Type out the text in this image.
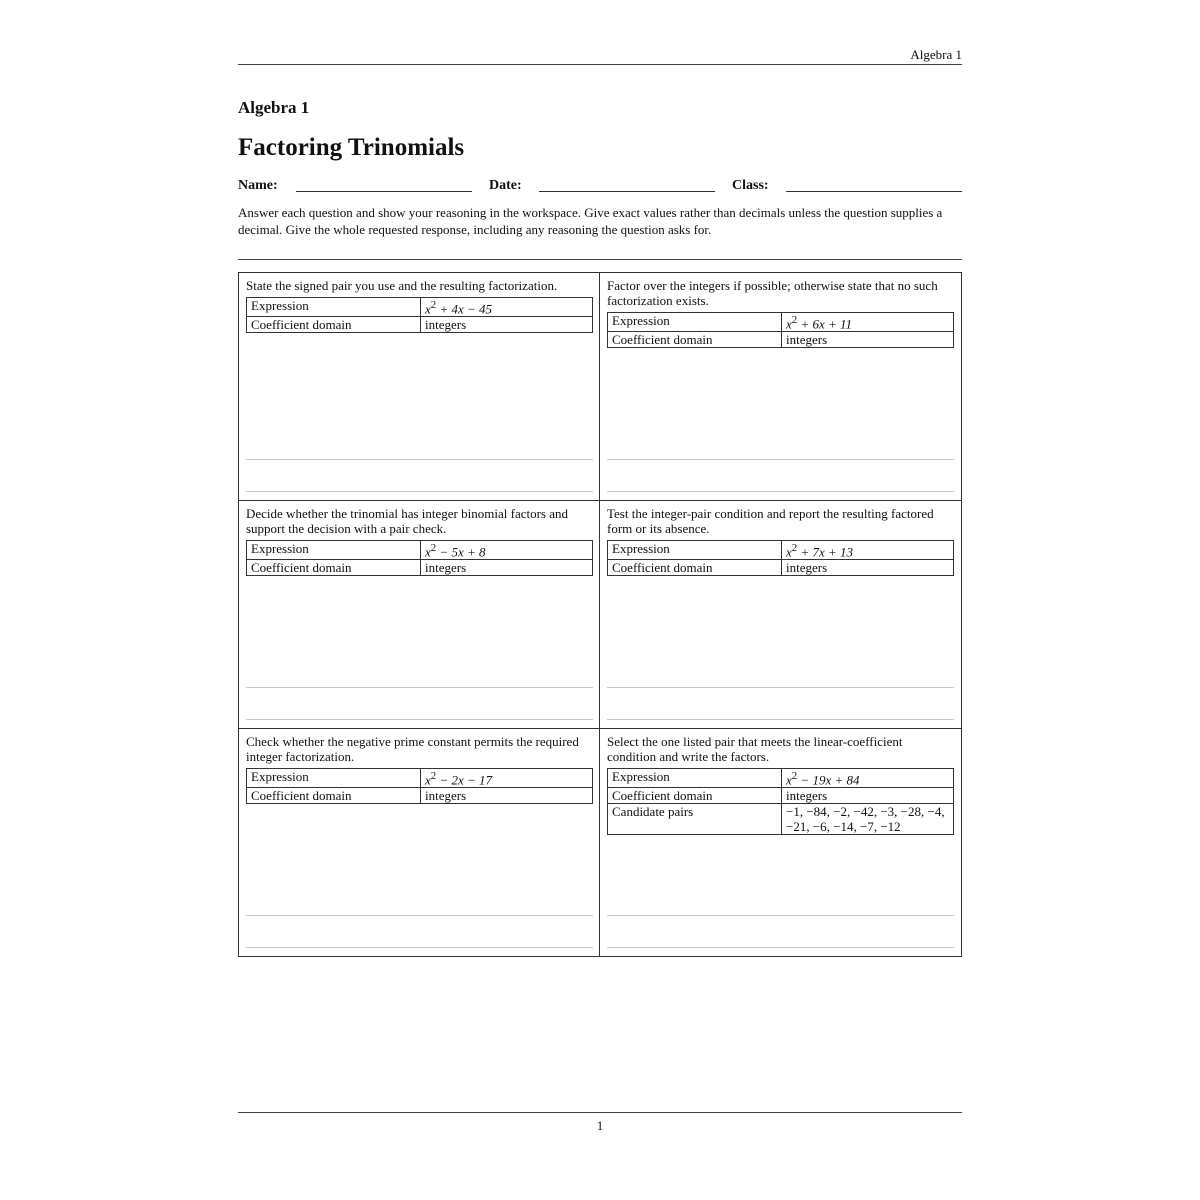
Algebra 1
Algebra 1
Factoring Trinomials
Name:	Date:	Class:
Answer each question and show your reasoning in the workspace. Give exact values rather than decimals unless the question supplies a decimal. Give the whole requested response, including any reasoning the question asks for.

State the signed pair you use and the resulting factorization.

Expression	$x^2 + 4x - 45$
Coefficient domain	integers

Factor over the integers if possible; otherwise state that no such factorization exists.

Expression	$x^2 + 6x + 11$
Coefficient domain	integers

Decide whether the trinomial has integer binomial factors and support the decision with a pair check.

Expression	$x^2 - 5x + 8$
Coefficient domain	integers

Test the integer-pair condition and report the resulting factored form or its absence.

Expression	$x^2 + 7x + 13$
Coefficient domain	integers

Check whether the negative prime constant permits the required integer factorization.

Expression	$x^2 - 2x - 17$
Coefficient domain	integers

Select the one listed pair that meets the linear-coefficient condition and write the factors.

Expression	$x^2 - 19x + 84$
Coefficient domain	integers
Candidate pairs	−1, −84, −2, −42, −3, −28, −4, −21, −6, −14, −7, −12
1
